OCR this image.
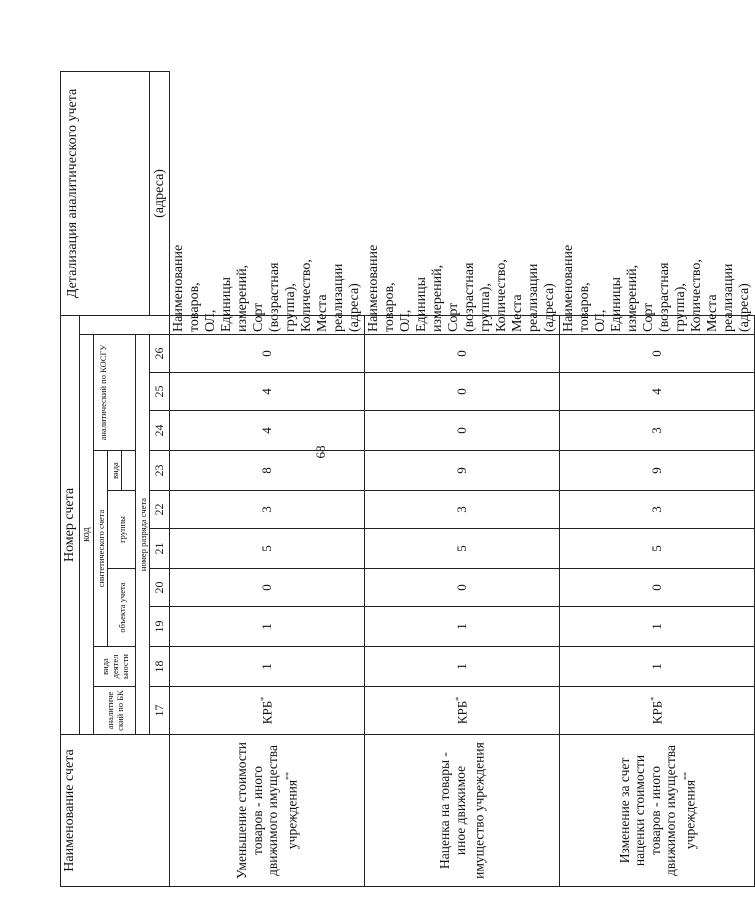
68
Наименование счета	Номер счета											Детализация аналитического учета
	код											
	аналитиче ский по БК	вида деятел ьности	синтетического счета					аналитический по КОСГУ				
			объекта учета		группы		вида					

	номер разряда счета											
	17	18	19	20	21	22	23	24	25	26		(адреса)
Уменьшение стоимости товаров - иного движимого имущества учреждения**	КРБ*	1	1	0	5	3	8	4	4	0	Наименование товаров, ОЛ, Единицы измерений, Сорт (возрастная группа), Количество, Места реализации (адреса)	
Наценка на товары - иное движимое имущество учреждения	КРБ*	1	1	0	5	3	9	0	0	0	Наименование товаров, ОЛ, Единицы измерений, Сорт (возрастная группа), Количество, Места реализации (адреса)	
Изменение за счет наценки стоимости товаров - иного движимого имущества учреждения**	КРБ*	1	1	0	5	3	9	3	4	0	Наименование товаров, ОЛ, Единицы измерений, Сорт (возрастная группа), Количество, Места реализации (адреса)	
